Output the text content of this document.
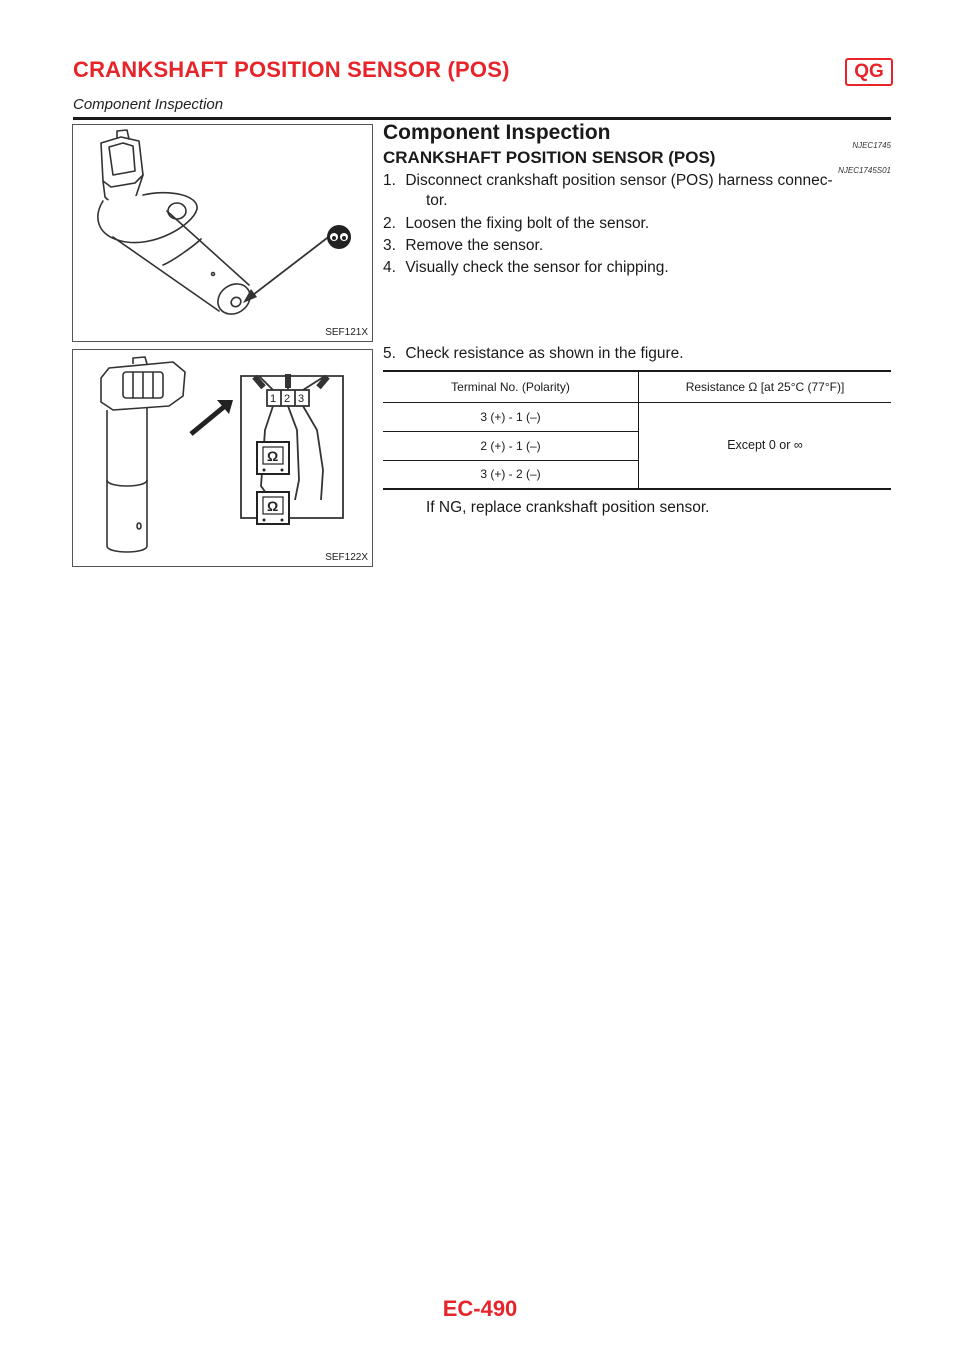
CRANKSHAFT POSITION SENSOR (POS)	QG
Component Inspection
SEF121X
1 2 3
Ω
Ω
SEF122X
Component Inspection
NJEC1745
CRANKSHAFT POSITION SENSOR (POS)
NJEC1745S01
1. Disconnect crankshaft position sensor (POS) harness connec-
tor.
2. Loosen the fixing bolt of the sensor.
3. Remove the sensor.
4. Visually check the sensor for chipping.
5. Check resistance as shown in the figure.
Terminal No. (Polarity)	Resistance Ω [at 25°C (77°F)]
3 (+) - 1 (–)	Except 0 or ∞
2 (+) - 1 (–)	
3 (+) - 2 (–)	
If NG, replace crankshaft position sensor.
EC-490
